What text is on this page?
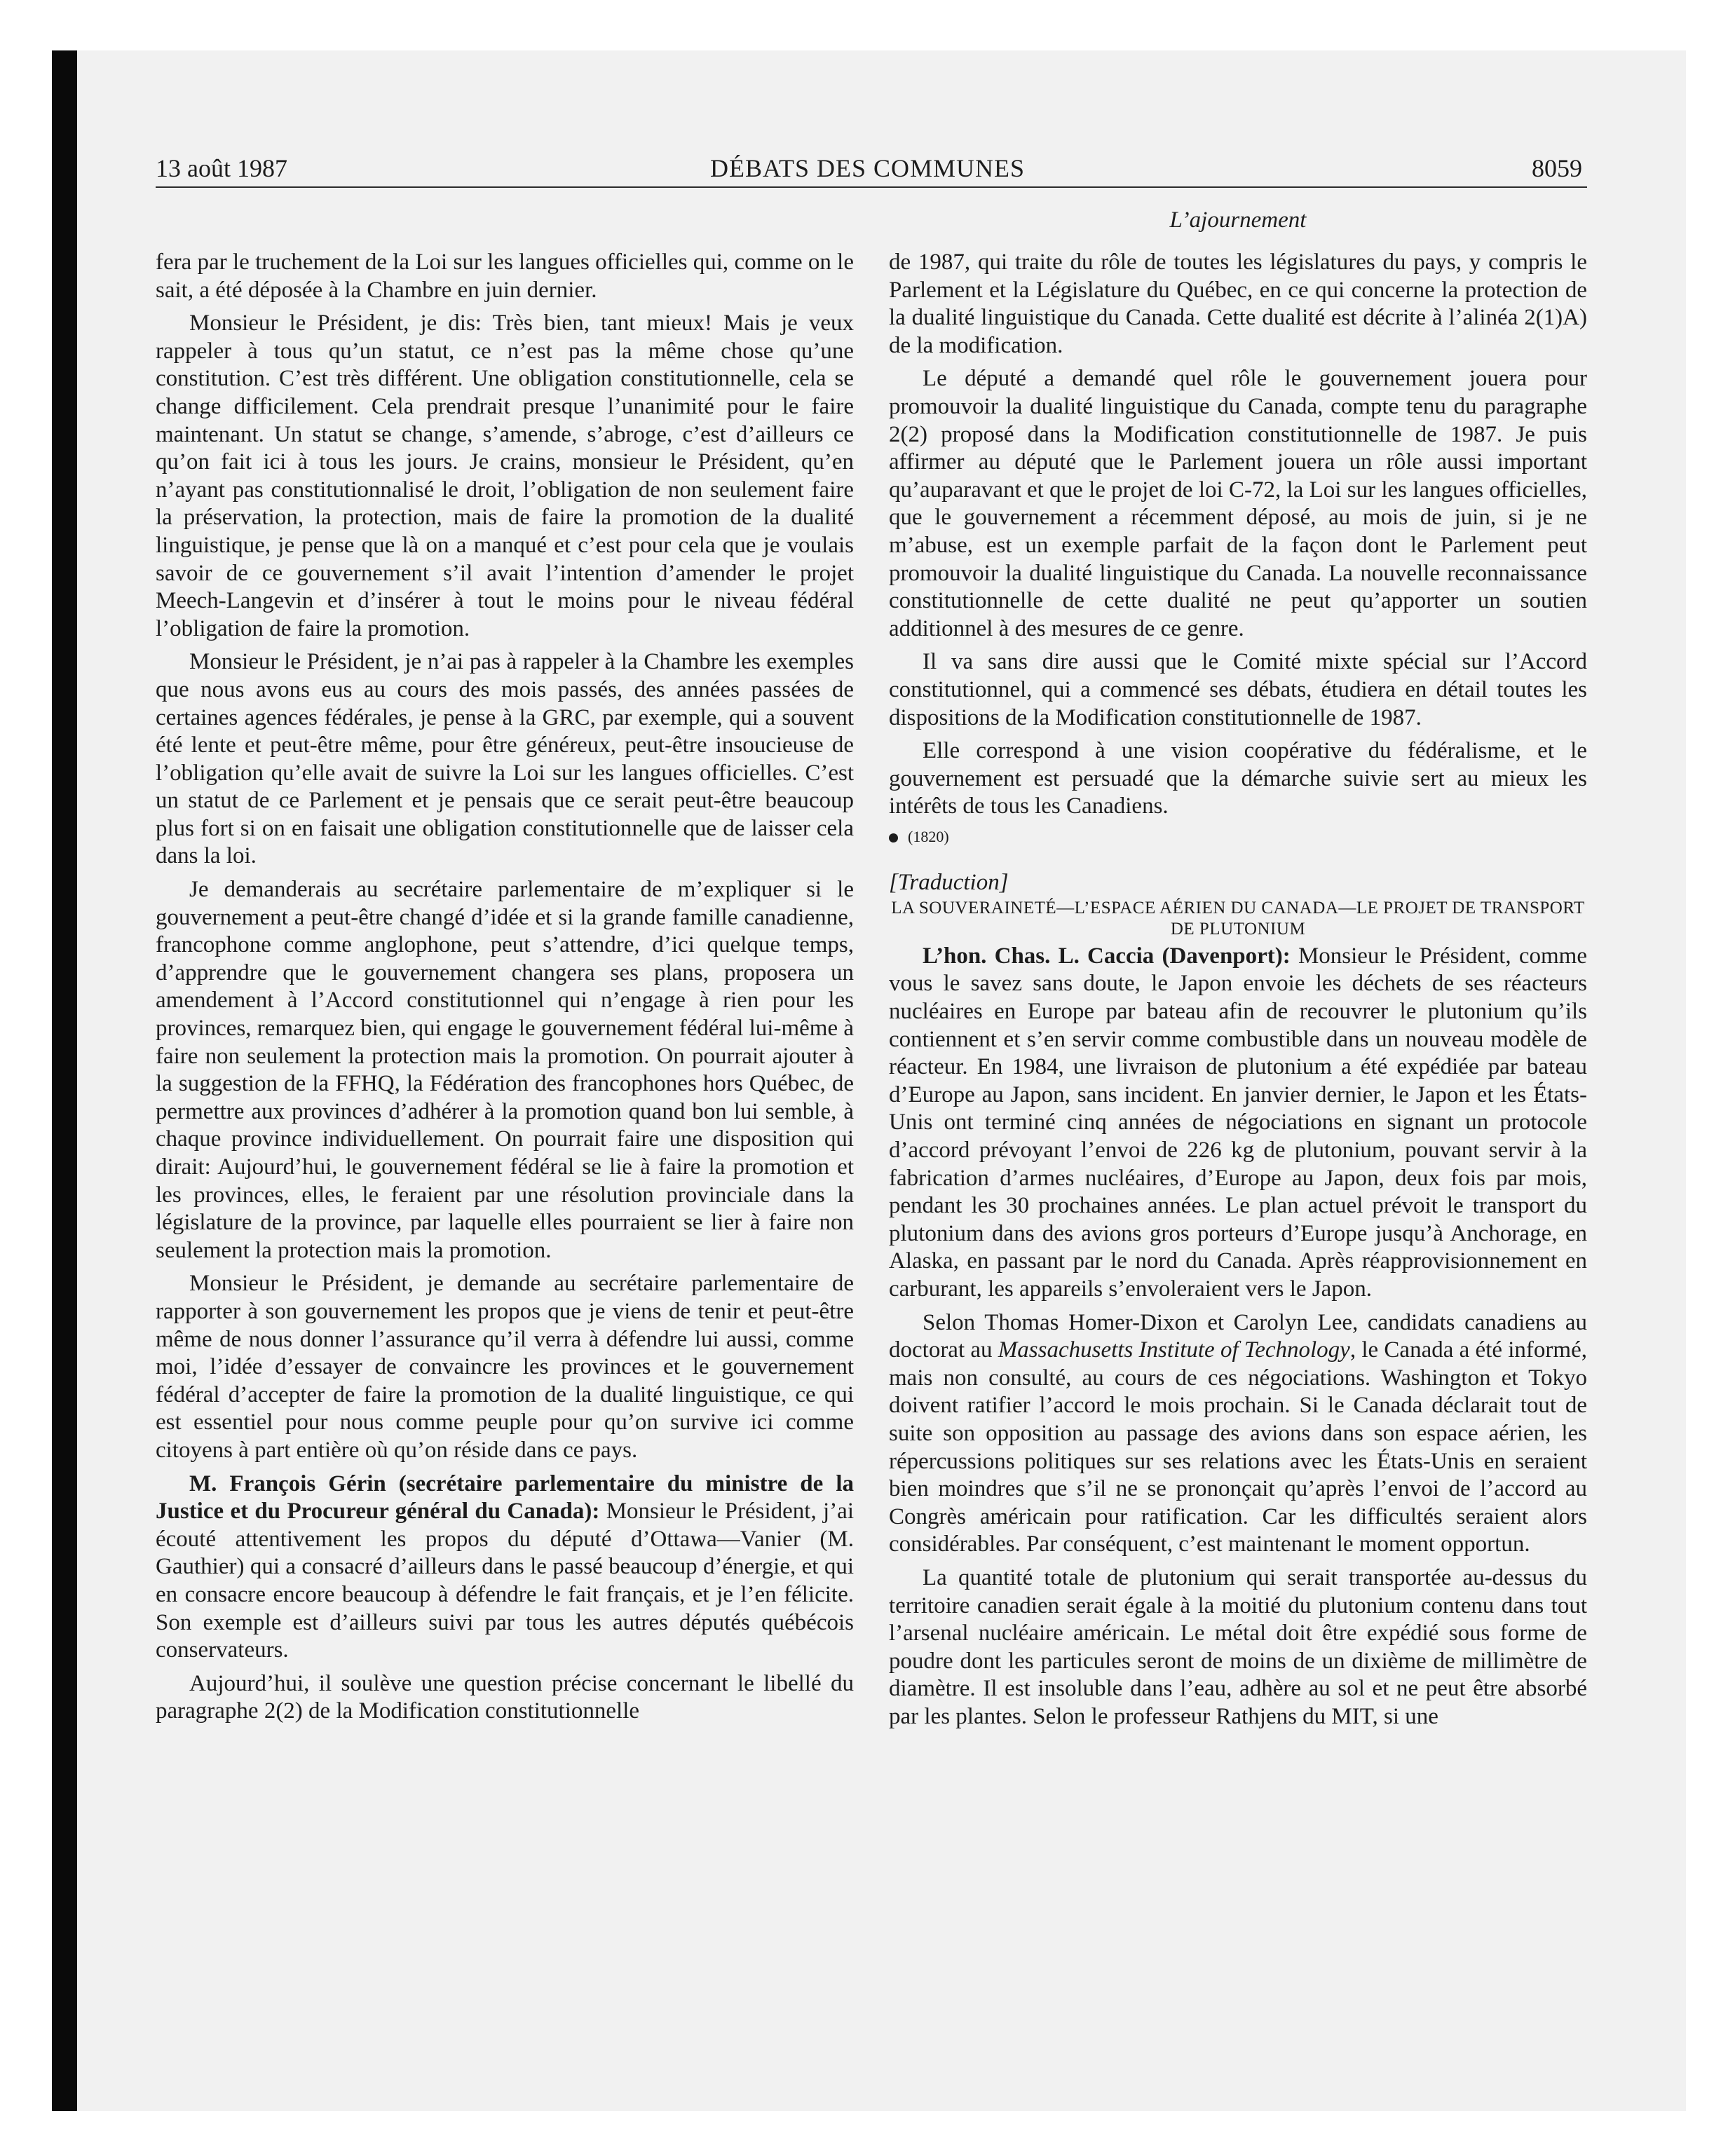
13 août 1987	DÉBATS DES COMMUNES	8059
L’ajournement

fera par le truchement de la Loi sur les langues officielles qui, comme on le sait, a été déposée à la Chambre en juin dernier.

Monsieur le Président, je dis: Très bien, tant mieux! Mais je veux rappeler à tous qu’un statut, ce n’est pas la même chose qu’une constitution. C’est très différent. Une obligation constitutionnelle, cela se change difficilement. Cela prendrait presque l’unanimité pour le faire maintenant. Un statut se change, s’amende, s’abroge, c’est d’ailleurs ce qu’on fait ici à tous les jours. Je crains, monsieur le Président, qu’en n’ayant pas constitutionnalisé le droit, l’obligation de non seulement faire la préservation, la protection, mais de faire la promotion de la dualité linguistique, je pense que là on a manqué et c’est pour cela que je voulais savoir de ce gouvernement s’il avait l’intention d’amender le projet Meech-Langevin et d’insérer à tout le moins pour le niveau fédéral l’obligation de faire la promotion.

Monsieur le Président, je n’ai pas à rappeler à la Chambre les exemples que nous avons eus au cours des mois passés, des années passées de certaines agences fédérales, je pense à la GRC, par exemple, qui a souvent été lente et peut-être même, pour être généreux, peut-être insoucieuse de l’obligation qu’elle avait de suivre la Loi sur les langues officielles. C’est un statut de ce Parlement et je pensais que ce serait peut-être beaucoup plus fort si on en faisait une obligation constitutionnelle que de laisser cela dans la loi.

Je demanderais au secrétaire parlementaire de m’expliquer si le gouvernement a peut-être changé d’idée et si la grande famille canadienne, francophone comme anglophone, peut s’attendre, d’ici quelque temps, d’apprendre que le gouvernement changera ses plans, proposera un amendement à l’Accord constitutionnel qui n’engage à rien pour les provinces, remarquez bien, qui engage le gouvernement fédéral lui-même à faire non seulement la protection mais la promotion. On pourrait ajouter à la suggestion de la FFHQ, la Fédération des francophones hors Québec, de permettre aux provinces d’adhérer à la promotion quand bon lui semble, à chaque province individuellement. On pourrait faire une disposition qui dirait: Aujourd’hui, le gouvernement fédéral se lie à faire la promotion et les provinces, elles, le feraient par une résolution provinciale dans la législature de la province, par laquelle elles pourraient se lier à faire non seulement la protection mais la promotion.

Monsieur le Président, je demande au secrétaire parlementaire de rapporter à son gouvernement les propos que je viens de tenir et peut-être même de nous donner l’assurance qu’il verra à défendre lui aussi, comme moi, l’idée d’essayer de convaincre les provinces et le gouvernement fédéral d’accepter de faire la promotion de la dualité linguistique, ce qui est essentiel pour nous comme peuple pour qu’on survive ici comme citoyens à part entière où qu’on réside dans ce pays.

M. François Gérin (secrétaire parlementaire du ministre de la Justice et du Procureur général du Canada): Monsieur le Président, j’ai écouté attentivement les propos du député d’Ottawa—Vanier (M. Gauthier) qui a consacré d’ailleurs dans le passé beaucoup d’énergie, et qui en consacre encore beaucoup à défendre le fait français, et je l’en félicite. Son exemple est d’ailleurs suivi par tous les autres députés québécois conservateurs.

Aujourd’hui, il soulève une question précise concernant le libellé du paragraphe 2(2) de la Modification constitutionnelle

de 1987, qui traite du rôle de toutes les législatures du pays, y compris le Parlement et la Législature du Québec, en ce qui concerne la protection de la dualité linguistique du Canada. Cette dualité est décrite à l’alinéa 2(1)A) de la modification.

Le député a demandé quel rôle le gouvernement jouera pour promouvoir la dualité linguistique du Canada, compte tenu du paragraphe 2(2) proposé dans la Modification constitutionnelle de 1987. Je puis affirmer au député que le Parlement jouera un rôle aussi important qu’auparavant et que le projet de loi C-72, la Loi sur les langues officielles, que le gouvernement a récemment déposé, au mois de juin, si je ne m’abuse, est un exemple parfait de la façon dont le Parlement peut promouvoir la dualité linguistique du Canada. La nouvelle reconnaissance constitutionnelle de cette dualité ne peut qu’apporter un soutien additionnel à des mesures de ce genre.

Il va sans dire aussi que le Comité mixte spécial sur l’Accord constitutionnel, qui a commencé ses débats, étudiera en détail toutes les dispositions de la Modification constitutionnelle de 1987.

Elle correspond à une vision coopérative du fédéralisme, et le gouvernement est persuadé que la démarche suivie sert au mieux les intérêts de tous les Canadiens.

(1820)
[Traduction]
LA SOUVERAINETÉ—L’ESPACE AÉRIEN DU CANADA—LE PROJET DE TRANSPORT DE PLUTONIUM

L’hon. Chas. L. Caccia (Davenport): Monsieur le Président, comme vous le savez sans doute, le Japon envoie les déchets de ses réacteurs nucléaires en Europe par bateau afin de recouvrer le plutonium qu’ils contiennent et s’en servir comme combustible dans un nouveau modèle de réacteur. En 1984, une livraison de plutonium a été expédiée par bateau d’Europe au Japon, sans incident. En janvier dernier, le Japon et les États-Unis ont terminé cinq années de négociations en signant un protocole d’accord prévoyant l’envoi de 226 kg de plutonium, pouvant servir à la fabrication d’armes nucléaires, d’Europe au Japon, deux fois par mois, pendant les 30 prochaines années. Le plan actuel prévoit le transport du plutonium dans des avions gros porteurs d’Europe jusqu’à Anchorage, en Alaska, en passant par le nord du Canada. Après réapprovisionnement en carburant, les appareils s’envoleraient vers le Japon.

Selon Thomas Homer-Dixon et Carolyn Lee, candidats canadiens au doctorat au Massachusetts Institute of Technology, le Canada a été informé, mais non consulté, au cours de ces négociations. Washington et Tokyo doivent ratifier l’accord le mois prochain. Si le Canada déclarait tout de suite son opposition au passage des avions dans son espace aérien, les répercussions politiques sur ses relations avec les États-Unis en seraient bien moindres que s’il ne se prononçait qu’après l’envoi de l’accord au Congrès américain pour ratification. Car les difficultés seraient alors considérables. Par conséquent, c’est maintenant le moment opportun.

La quantité totale de plutonium qui serait transportée au-dessus du territoire canadien serait égale à la moitié du plutonium contenu dans tout l’arsenal nucléaire américain. Le métal doit être expédié sous forme de poudre dont les particules seront de moins de un dixième de millimètre de diamètre. Il est insoluble dans l’eau, adhère au sol et ne peut être absorbé par les plantes. Selon le professeur Rathjens du MIT, si une
